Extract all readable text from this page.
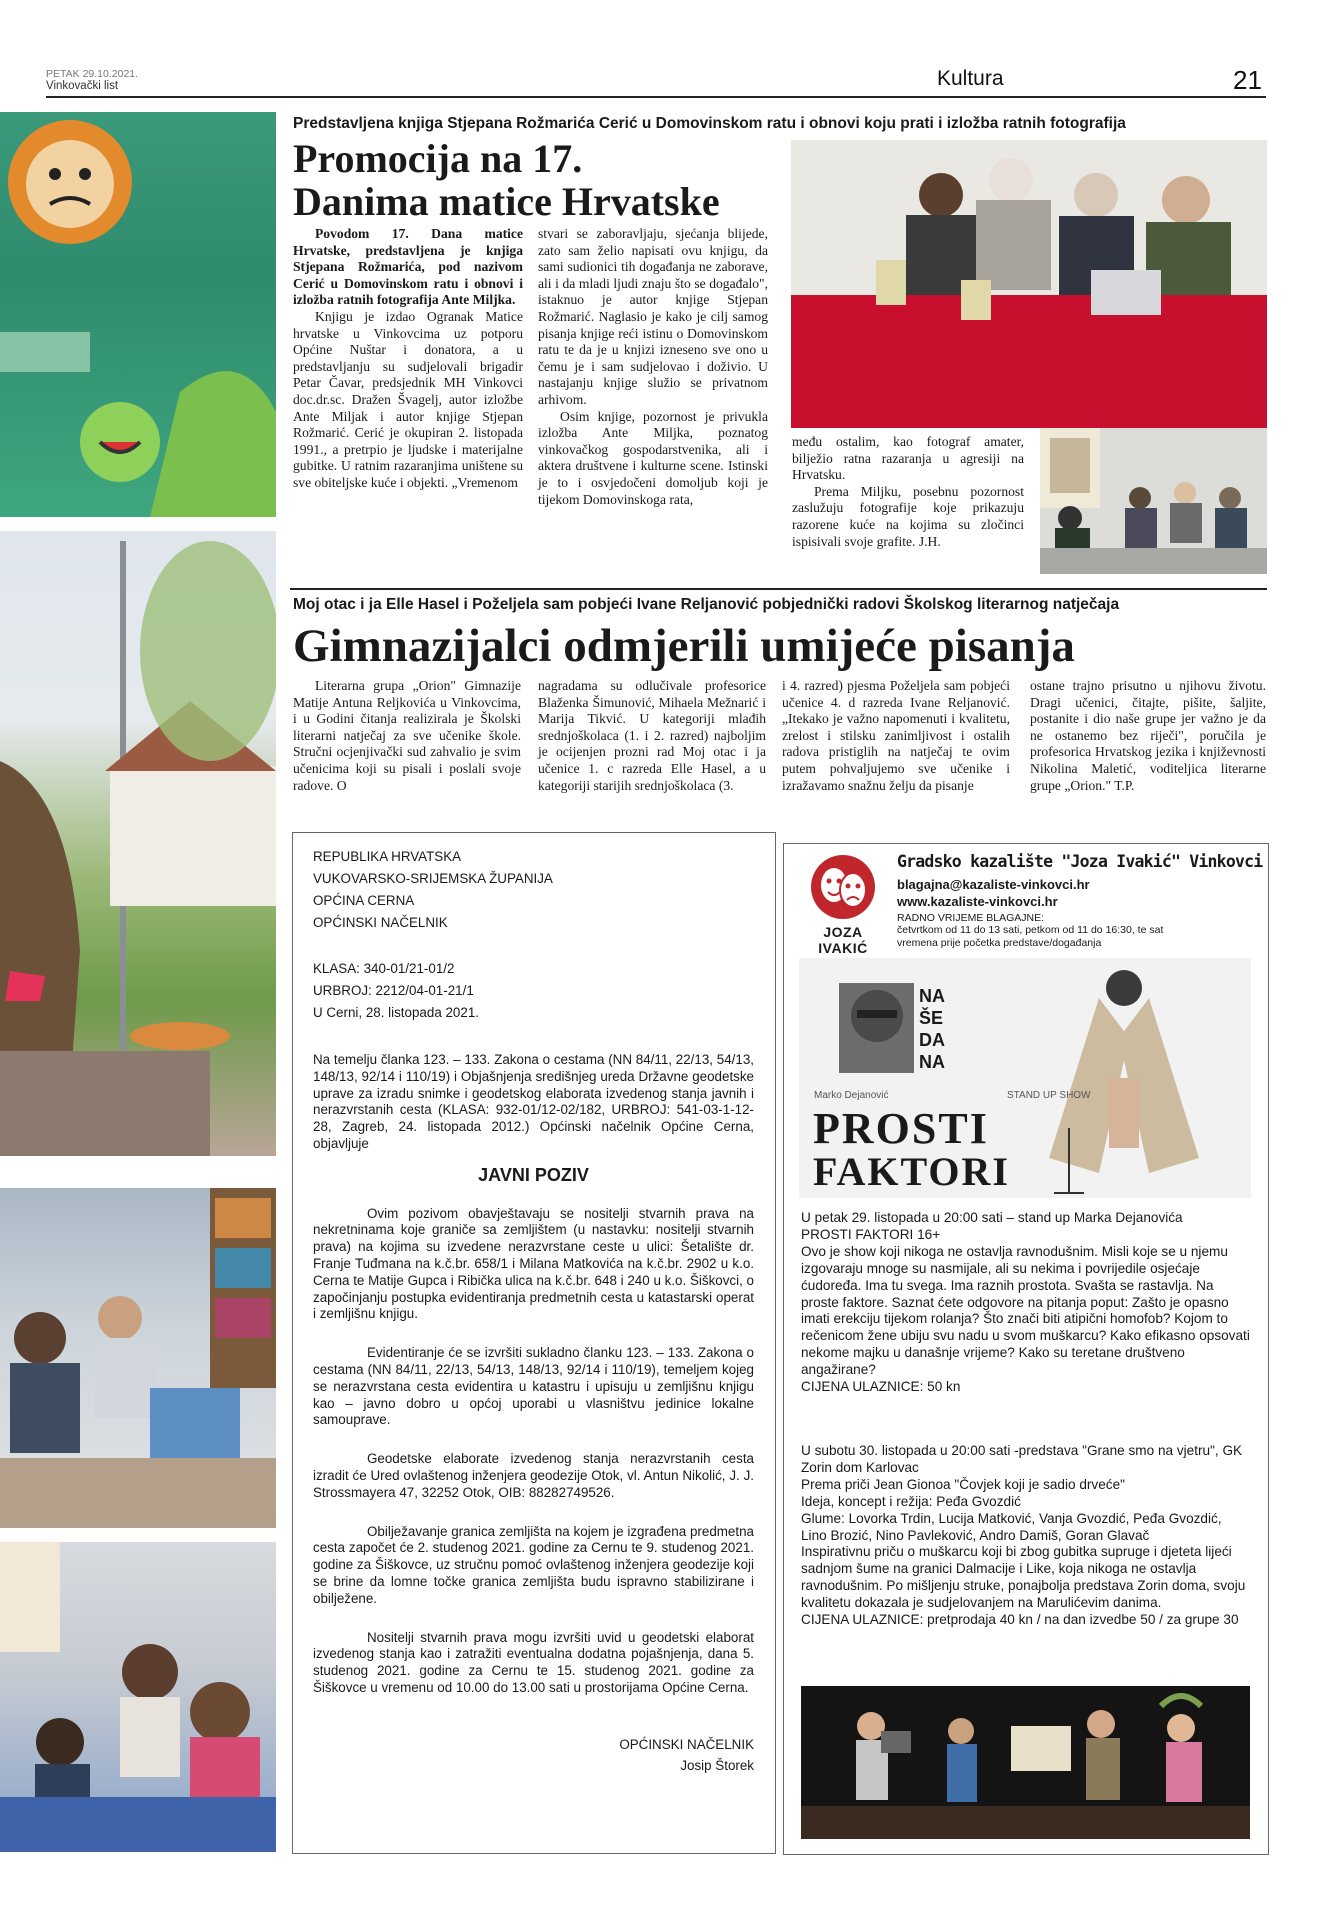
PETAK 29.10.2021.
Vinkovački list	Kultura	21
Predstavljena knjiga Stjepana Rožmarića Cerić u Domovinskom ratu i obnovi koju prati i izložba ratnih fotografija
Promocija na 17.
Danima matice Hrvatske

Povodom 17. Dana matice Hrvatske, predstavljena je knjiga Stjepana Rožmarića, pod nazivom Cerić u Domovinskom ratu i obnovi i izložba ratnih fotografija Ante Miljka.

Knjigu je izdao Ogranak Matice hrvatske u Vinkovcima uz potporu Općine Nuštar i donatora, a u predstavljanju su sudjelovali brigadir Petar Čavar, predsjednik MH Vinkovci doc.dr.sc. Dražen Švagelj, autor izložbe Ante Miljak i autor knjige Stjepan Rožmarić. Cerić je okupiran 2. listopada 1991., a pretrpio je ljudske i materijalne gubitke. U ratnim razaranjima uništene su sve obiteljske kuće i objekti. „Vremenom

stvari se zaboravljaju, sjećanja blijede, zato sam želio napisati ovu knjigu, da sami sudionici tih događanja ne zaborave, ali i da mladi ljudi znaju što se događalo", istaknuo je autor knjige Stjepan Rožmarić. Naglasio je kako je cilj samog pisanja knjige reći istinu o Domovinskom ratu te da je u knjizi izneseno sve ono u čemu je i sam sudjelovao i doživio. U nastajanju knjige služio se privatnom arhivom.

Osim knjige, pozornost je privukla izložba Ante Miljka, poznatog vinkovačkog gospodarstvenika, ali i aktera društvene i kulturne scene. Istinski je to i osvjedočeni domoljub koji je tijekom Domovinskoga rata,

među ostalim, kao fotograf amater, bilježio ratna razaranja u agresiji na Hrvatsku.

Prema Miljku, posebnu pozornost zaslužuju fotografije koje prikazuju razorene kuće na kojima su zločinci ispisivali svoje grafite. J.H.

Moj otac i ja Elle Hasel i Poželjela sam pobjeći Ivane Reljanović pobjednički radovi Školskog literarnog natječaja
Gimnazijalci odmjerili umijeće pisanja

Literarna grupa „Orion" Gimnazije Matije Antuna Reljkovića u Vinkovcima, i u Godini čitanja realizirala je Školski literarni natječaj za sve učenike škole. Stručni ocjenjivački sud zahvalio je svim učenicima koji su pisali i poslali svoje radove. O

nagradama su odlučivale profesorice Blaženka Šimunović, Mihaela Mežnarić i Marija Tikvić. U kategoriji mlađih srednjoškolaca (1. i 2. razred) najboljim je ocijenjen prozni rad Moj otac i ja učenice 1. c razreda Elle Hasel, a u kategoriji starijih srednjoškolaca (3.

i 4. razred) pjesma Poželjela sam pobjeći učenice 4. d razreda Ivane Reljanović. „Itekako je važno napomenuti i kvalitetu, zrelost i stilsku zanimljivost i ostalih radova pristiglih na natječaj te ovim putem pohvaljujemo sve učenike i izražavamo snažnu želju da pisanje

ostane trajno prisutno u njihovu životu. Dragi učenici, čitajte, pišite, šaljite, postanite i dio naše grupe jer važno je da ne ostanemo bez riječi", poručila je profesorica Hrvatskog jezika i književnosti Nikolina Maletić, voditeljica literarne grupe „Orion." T.P.

REPUBLIKA HRVATSKA
VUKOVARSKO-SRIJEMSKA ŽUPANIJA
OPĆINA CERNA
OPĆINSKI NAČELNIK
KLASA: 340-01/21-01/2
URBROJ: 2212/04-01-21/1
U Cerni, 28. listopada 2021.

Na temelju članka 123. – 133. Zakona o cestama (NN 84/11, 22/13, 54/13, 148/13, 92/14 i 110/19) i Objašnjenja središnjeg ureda Državne geodetske uprave za izradu snimke i geodetskog elaborata izvedenog stanja javnih i nerazvrstanih cesta (KLASA: 932-01/12-02/182, URBROJ: 541-03-1-12-28, Zagreb, 24. listopada 2012.) Općinski načelnik Općine Cerna, objavljuje

JAVNI POZIV

Ovim pozivom obavještavaju se nositelji stvarnih prava na nekretninama koje graniče sa zemljištem (u nastavku: nositelji stvarnih prava) na kojima su izvedene nerazvrstane ceste u ulici: Šetalište dr. Franje Tuđmana na k.č.br. 658/1 i Milana Matkovića na k.č.br. 2902 u k.o. Cerna te Matije Gupca i Ribička ulica na k.č.br. 648 i 240 u k.o. Šiškovci, o započinjanju postupka evidentiranja predmetnih cesta u katastarski operat i zemljišnu knjigu.

Evidentiranje će se izvršiti sukladno članku 123. – 133. Zakona o cestama (NN 84/11, 22/13, 54/13, 148/13, 92/14 i 110/19), temeljem kojeg se nerazvrstana cesta evidentira u katastru i upisuju u zemljišnu knjigu kao – javno dobro u općoj uporabi u vlasništvu jedinice lokalne samouprave.

Geodetske elaborate izvedenog stanja nerazvrstanih cesta izradit će Ured ovlaštenog inženjera geodezije Otok, vl. Antun Nikolić, J. J. Strossmayera 47, 32252 Otok, OIB: 88282749526.

Obilježavanje granica zemljišta na kojem je izgrađena predmetna cesta započet će 2. studenog 2021. godine za Cernu te 9. studenog 2021. godine za Šiškovce, uz stručnu pomoć ovlaštenog inženjera geodezije koji se brine da lomne točke granica zemljišta budu ispravno stabilizirane i obilježene.

Nositelji stvarnih prava mogu izvršiti uvid u geodetski elaborat izvedenog stanja kao i zatražiti eventualna dodatna pojašnjenja, dana 5. studenog 2021. godine za Cernu te 15. studenog 2021. godine za Šiškovce u vremenu od 10.00 do 13.00 sati u prostorijama Općine Cerna.

OPĆINSKI NAČELNIK
Josip Štorek
JOZA IVAKIĆ
Gradsko kazalište "Joza Ivakić" Vinkovci
blagajna@kazaliste-vinkovci.hr
www.kazaliste-vinkovci.hr
RADNO VRIJEME BLAGAJNE:
četvrtkom od 11 do 13 sati, petkom od 11 do 16:30, te sat vremena prije početka predstave/događanja
NA
ŠE
DA
NA
Marko Dejanović	STAND UP SHOW
PROSTI
FAKTORI

U petak 29. listopada u 20:00 sati – stand up Marka Dejanovića

PROSTI FAKTORI 16+

Ovo je show koji nikoga ne ostavlja ravnodušnim. Misli koje se u njemu izgovaraju mnoge su nasmijale, ali su nekima i povrijedile osjećaje ćudoređa. Ima tu svega. Ima raznih prostota. Svašta se rastavlja. Na proste faktore. Saznat ćete odgovore na pitanja poput: Zašto je opasno imati erekciju tijekom rolanja? Što znači biti atipični homofob? Kojom to rečenicom žene ubiju svu nadu u svom muškarcu? Kako efikasno opsovati nekome majku u današnje vrijeme? Kako su teretane društveno angažirane?

CIJENA ULAZNICE: 50 kn

U subotu 30. listopada u 20:00 sati -predstava "Grane smo na vjetru", GK Zorin dom Karlovac

Prema priči Jean Gionoa "Čovjek koji je sadio drveće"

Ideja, koncept i režija: Peđa Gvozdić

Glume: Lovorka Trdin, Lucija Matković, Vanja Gvozdić, Peđa Gvozdić, Lino Brozić, Nino Pavleković, Andro Damiš, Goran Glavač

Inspirativnu priču o muškarcu koji bi zbog gubitka supruge i djeteta lijeći sadnjom šume na granici Dalmacije i Like, koja nikoga ne ostavlja ravnodušnim. Po mišljenju struke, ponajbolja predstava Zorin doma, svoju kvalitetu dokazala je sudjelovanjem na Marulićevim danima.

CIJENA ULAZNICE: pretprodaja 40 kn / na dan izvedbe 50 / za grupe 30
